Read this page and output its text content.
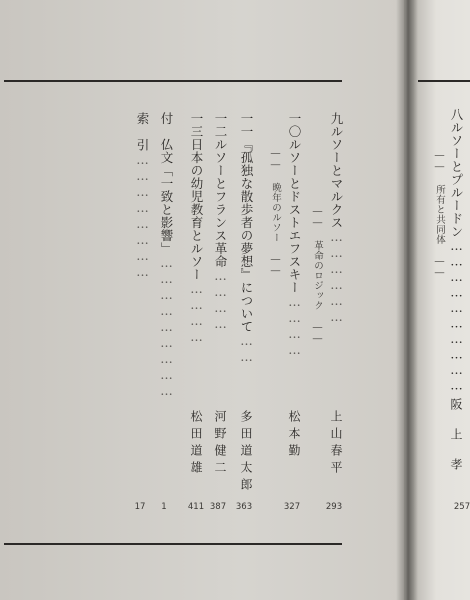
九ルソーとマルクス………………
―― 革命のロジック ――
上山春平
293
一〇ルソーとドストエフスキー…………
―― 晩年のルソー ――
松本勤
327
一一『孤独な散歩者の夢想』について……
多田道太郎
363
一二ルソーとフランス革命…………
河野健二
387
一三日本の幼児教育とルソー…………
松田道雄
411
付　仏文「一致と影響」………………………
1
索引……………………
17
八ルソーとプルードン…………………………
―― 所有と共同体 ――
阪上孝
257
